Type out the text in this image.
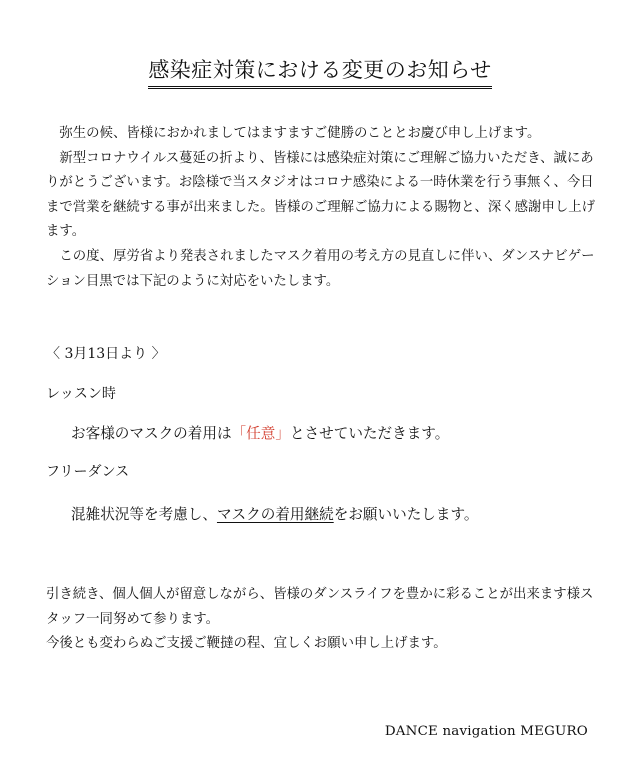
感染症対策における変更のお知らせ

弥生の候、皆様におかれましてはますますご健勝のこととお慶び申し上げます。

新型コロナウイルス蔓延の折より、皆様には感染症対策にご理解ご協力いただき、誠にありがとうございます。お陰様で当スタジオはコロナ感染による一時休業を行う事無く、今日まで営業を継続する事が出来ました。皆様のご理解ご協力による賜物と、深く感謝申し上げます。

この度、厚労省より発表されましたマスク着用の考え方の見直しに伴い、ダンスナビゲーション目黒では下記のように対応をいたします。

〈 3月13日より 〉
レッスン時
お客様のマスクの着用は「任意」とさせていただきます。
フリーダンス
混雑状況等を考慮し、マスクの着用継続をお願いいたします。

引き続き、個人個人が留意しながら、皆様のダンスライフを豊かに彩ることが出来ます様スタッフ一同努めて参ります。

今後とも変わらぬご支援ご鞭撻の程、宜しくお願い申し上げます。

DANCE navigation MEGURO
